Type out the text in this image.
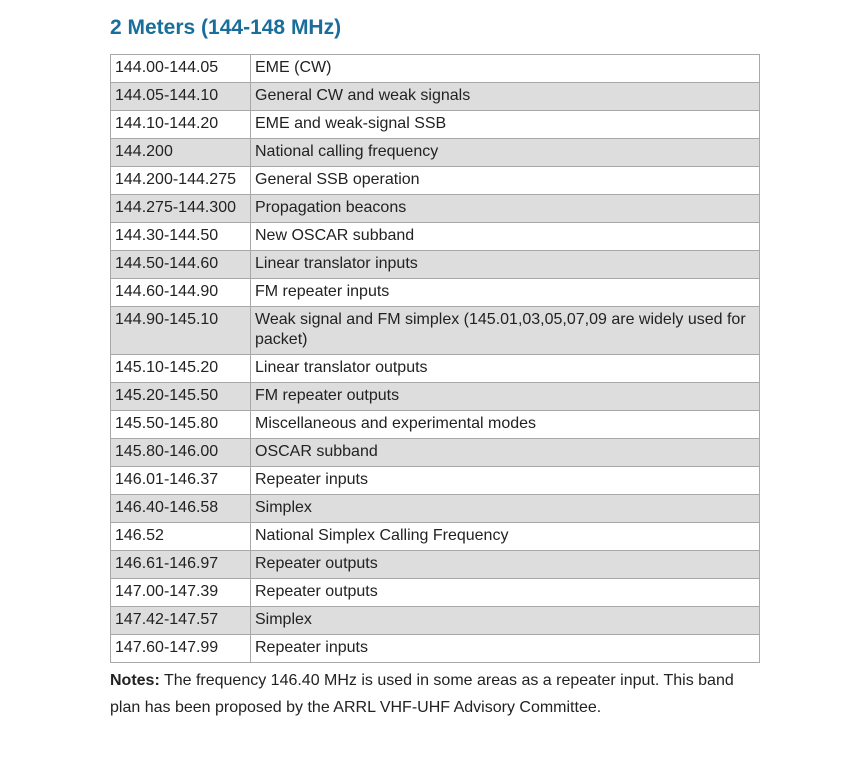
2 Meters (144-148 MHz)
144.00-144.05	EME (CW)
144.05-144.10	General CW and weak signals
144.10-144.20	EME and weak-signal SSB
144.200	National calling frequency
144.200-144.275	General SSB operation
144.275-144.300	Propagation beacons
144.30-144.50	New OSCAR subband
144.50-144.60	Linear translator inputs
144.60-144.90	FM repeater inputs
144.90-145.10	Weak signal and FM simplex (145.01,03,05,07,09 are widely used for packet)
145.10-145.20	Linear translator outputs
145.20-145.50	FM repeater outputs
145.50-145.80	Miscellaneous and experimental modes
145.80-146.00	OSCAR subband
146.01-146.37	Repeater inputs
146.40-146.58	Simplex
146.52	National Simplex Calling Frequency
146.61-146.97	Repeater outputs
147.00-147.39	Repeater outputs
147.42-147.57	Simplex
147.60-147.99	Repeater inputs
Notes: The frequency 146.40 MHz is used in some areas as a repeater input. This band plan has been proposed by the ARRL VHF-UHF Advisory Committee.
